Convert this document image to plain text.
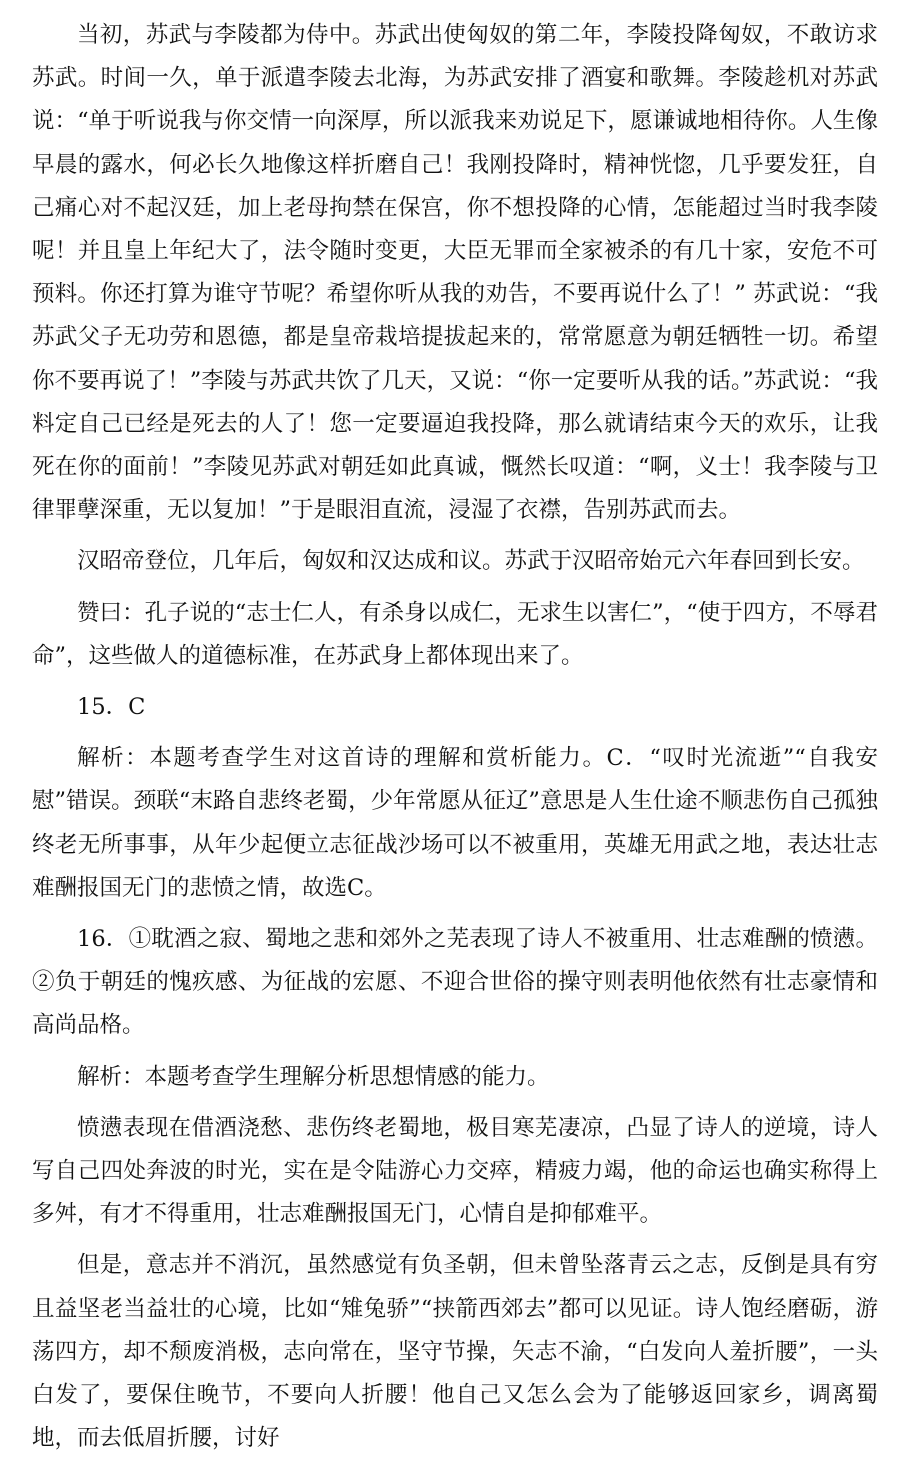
当初，苏武与李陵都为侍中。苏武出使匈奴的第二年，李陵投降匈奴，不敢访求苏武。时间一久，单于派遣李陵去北海，为苏武安排了酒宴和歌舞。李陵趁机对苏武说：“单于听说我与你交情一向深厚，所以派我来劝说足下，愿谦诚地相待你。人生像早晨的露水，何必长久地像这样折磨自己！我刚投降时，精神恍惚，几乎要发狂，自己痛心对不起汉廷，加上老母拘禁在保宫，你不想投降的心情，怎能超过当时我李陵呢！并且皇上年纪大了，法令随时变更，大臣无罪而全家被杀的有几十家，安危不可预料。你还打算为谁守节呢？希望你听从我的劝告，不要再说什么了！” 苏武说：“我苏武父子无功劳和恩德，都是皇帝栽培提拔起来的，常常愿意为朝廷牺牲一切。希望你不要再说了！”李陵与苏武共饮了几天，又说：“你一定要听从我的话。”苏武说：“我料定自己已经是死去的人了！您一定要逼迫我投降，那么就请结束今天的欢乐，让我死在你的面前！”李陵见苏武对朝廷如此真诚，慨然长叹道：“啊，义士！我李陵与卫律罪孽深重，无以复加！”于是眼泪直流，浸湿了衣襟，告别苏武而去。

汉昭帝登位，几年后，匈奴和汉达成和议。苏武于汉昭帝始元六年春回到长安。

赞曰：孔子说的“志士仁人，有杀身以成仁，无求生以害仁”，“使于四方，不辱君命”，这些做人的道德标准，在苏武身上都体现出来了。

15．C

解析：本题考查学生对这首诗的理解和赏析能力。C．“叹时光流逝”“自我安慰”错误。颈联“末路自悲终老蜀，少年常愿从征辽”意思是人生仕途不顺悲伤自己孤独终老无所事事，从年少起便立志征战沙场可以不被重用，英雄无用武之地，表达壮志难酬报国无门的悲愤之情，故选C。

16．①耽酒之寂、蜀地之悲和郊外之芜表现了诗人不被重用、壮志难酬的愤懑。②负于朝廷的愧疚感、为征战的宏愿、不迎合世俗的操守则表明他依然有壮志豪情和高尚品格。

解析：本题考查学生理解分析思想情感的能力。

愤懑表现在借酒浇愁、悲伤终老蜀地，极目寒芜凄凉，凸显了诗人的逆境，诗人写自己四处奔波的时光，实在是令陆游心力交瘁，精疲力竭，他的命运也确实称得上多舛，有才不得重用，壮志难酬报国无门，心情自是抑郁难平。

但是，意志并不消沉，虽然感觉有负圣朝，但未曾坠落青云之志，反倒是具有穷且益坚老当益壮的心境，比如“雉兔骄”“挟箭西郊去”都可以见证。诗人饱经磨砺，游荡四方，却不颓废消极，志向常在，坚守节操，矢志不渝，“白发向人羞折腰”，一头白发了，要保住晚节，不要向人折腰！他自己又怎么会为了能够返回家乡，调离蜀地，而去低眉折腰，讨好
